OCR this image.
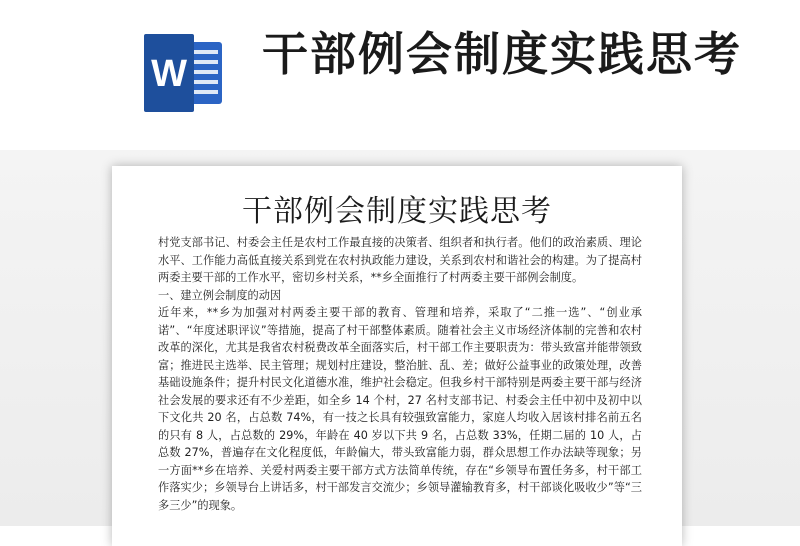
W 干部例会制度实践思考
干部例会制度实践思考

村党支部书记、村委会主任是农村工作最直接的决策者、组织者和执行者。他们的政治素质、理论水平、工作能力高低直接关系到党在农村执政能力建设，关系到农村和谐社会的构建。为了提高村两委主要干部的工作水平，密切乡村关系，**乡全面推行了村两委主要干部例会制度。

一、建立例会制度的动因

近年来，**乡为加强对村两委主要干部的教育、管理和培养，采取了“二推一选”、“创业承诺”、“年度述职评议”等措施，提高了村干部整体素质。随着社会主义市场经济体制的完善和农村改革的深化，尤其是我省农村税费改革全面落实后，村干部工作主要职责为：带头致富并能带领致富；推进民主选举、民主管理；规划村庄建设，整治脏、乱、差；做好公益事业的政策处理，改善基础设施条件；提升村民文化道德水准，维护社会稳定。但我乡村干部特别是两委主要干部与经济社会发展的要求还有不少差距，如全乡 14 个村，27 名村支部书记、村委会主任中初中及初中以下文化共 20 名，占总数 74%，有一技之长具有较强致富能力，家庭人均收入居该村排名前五名的只有 8 人，占总数的 29%，年龄在 40 岁以下共 9 名，占总数 33%，任期二届的 10 人，占总数 27%，普遍存在文化程度低，年龄偏大，带头致富能力弱，群众思想工作办法缺等现象；另一方面**乡在培养、关爱村两委主要干部方式方法简单传统，存在“乡领导布置任务多，村干部工作落实少；乡领导台上讲话多，村干部发言交流少；乡领导灌输教育多，村干部谈化吸收少”等“三多三少”的现象。
